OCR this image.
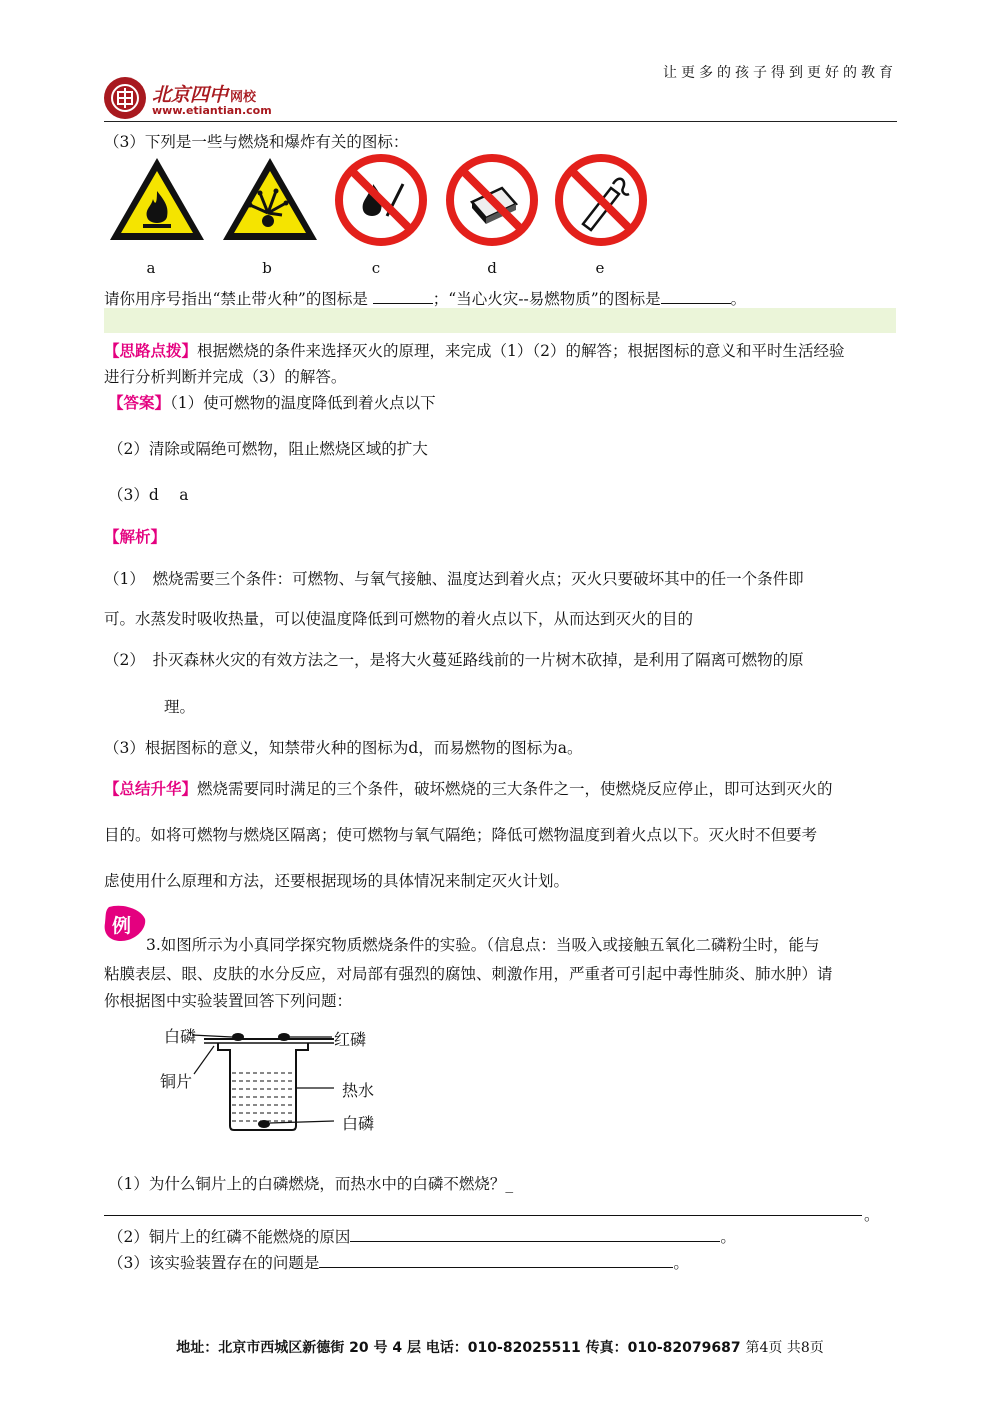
让更多的孩子得到更好的教育
北京四中 网校
www.etiantian.com
（3）下列是一些与燃烧和爆炸有关的图标：
a	b	c	d	e
请你用序号指出“禁止带火种”的图标是	；“当心火灾--易燃物质”的图标是	。
【思路点拨】根据燃烧的条件来选择灭火的原理，来完成（1）（2）的解答；根据图标的意义和平时生活经验
进行分析判断并完成（3）的解答。
【答案】（1）使可燃物的温度降低到着火点以下
（2）清除或隔绝可燃物，阻止燃烧区域的扩大
（3）d　 a
【解析】
（1）　燃烧需要三个条件：可燃物、与氧气接触、温度达到着火点；灭火只要破坏其中的任一个条件即
可。水蒸发时吸收热量，可以使温度降低到可燃物的着火点以下，从而达到灭火的目的
（2）　扑灭森林火灾的有效方法之一，是将大火蔓延路线前的一片树木砍掉，是利用了隔离可燃物的原
理。
（3）根据图标的意义，知禁带火种的图标为d，而易燃物的图标为a。
【总结升华】燃烧需要同时满足的三个条件，破坏燃烧的三大条件之一，使燃烧反应停止，即可达到灭火的
目的。如将可燃物与燃烧区隔离；使可燃物与氧气隔绝；降低可燃物温度到着火点以下。灭火时不但要考
虑使用什么原理和方法，还要根据现场的具体情况来制定灭火计划。
例
3.如图所示为小真同学探究物质燃烧条件的实验。（信息点：当吸入或接触五氧化二磷粉尘时，能与
粘膜表层、眼、皮肤的水分反应，对局部有强烈的腐蚀、刺激作用，严重者可引起中毒性肺炎、肺水肿）请
你根据图中实验装置回答下列问题：
白磷	红磷
铜片	热水
白磷
（1）为什么铜片上的白磷燃烧，而热水中的白磷不燃烧？_
。
（2）铜片上的红磷不能燃烧的原因	。
（3）该实验装置存在的问题是	。
地址：北京市西城区新德街 20 号 4 层 电话：010-82025511 传真：010-82079687 第4页 共8页
